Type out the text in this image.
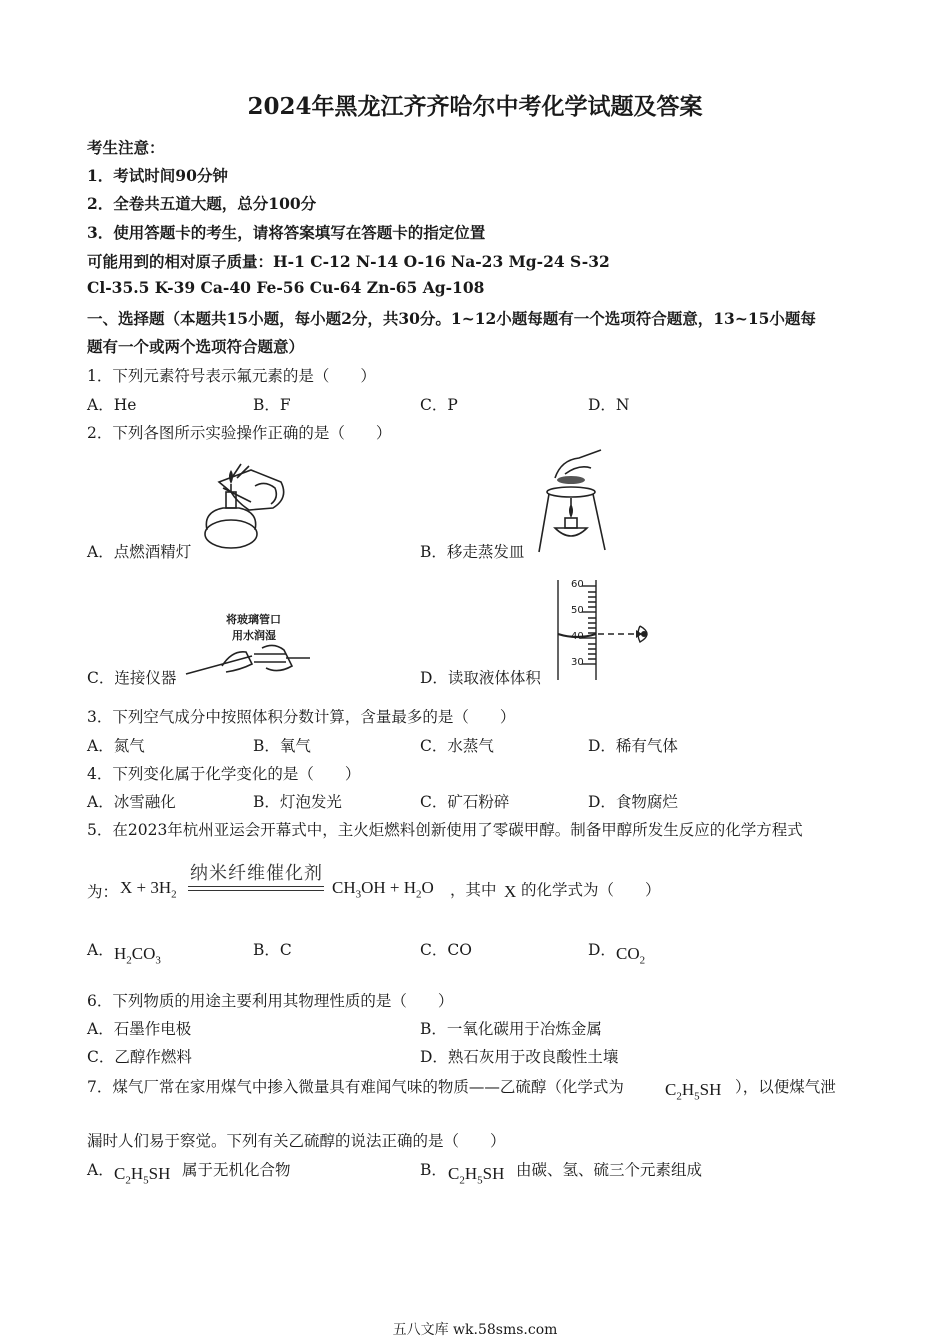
2024年黑龙江齐齐哈尔中考化学试题及答案
考生注意：
1．考试时间90分钟
2．全卷共五道大题，总分100分
3．使用答题卡的考生，请将答案填写在答题卡的指定位置
可能用到的相对原子质量：H-1 C-12 N-14 O-16 Na-23 Mg-24 S-32
Cl-35.5 K-39 Ca-40 Fe-56 Cu-64 Zn-65 Ag-108
一、选择题（本题共15小题，每小题2分，共30分。1~12小题每题有一个选项符合题意，13~15小题每
题有一个或两个选项符合题意）
1．下列元素符号表示氟元素的是（　　）
A．He	B．F	C．P	D．N
2．下列各图所示实验操作正确的是（　　）
A．点燃酒精灯	B．移走蒸发皿
将玻璃管口
用水润湿
C．连接仪器
60
50
40
30
D．读取液体体积
3．下列空气成分中按照体积分数计算，含量最多的是（　　）
A．氮气	B．氧气	C．水蒸气	D．稀有气体
4．下列变化属于化学变化的是（　　）
A．冰雪融化	B．灯泡发光	C．矿石粉碎	D．食物腐烂
5．在2023年杭州亚运会开幕式中，主火炬燃料创新使用了零碳甲醇。制备甲醇所发生反应的化学方程式
为： $X + 3H_2$
纳米纤维催化剂
$CH_3OH + H_2O$ ，其中 X 的化学式为（　　）
A． $H_2CO_3$
B．C	C．CO	D． $CO_2$
6．下列物质的用途主要利用其物理性质的是（　　）
A．石墨作电极	B．一氧化碳用于冶炼金属
C．乙醇作燃料	D．熟石灰用于改良酸性土壤
7．煤气厂常在家用煤气中掺入微量具有难闻气味的物质——乙硫醇（化学式为 $C_2H_5SH$ ），以便煤气泄
漏时人们易于察觉。下列有关乙硫醇的说法正确的是（　　）
A． $C_2H_5SH$ 属于无机化合物	B． $C_2H_5SH$ 由碳、氢、硫三个元素组成
五八文库 wk.58sms.com
